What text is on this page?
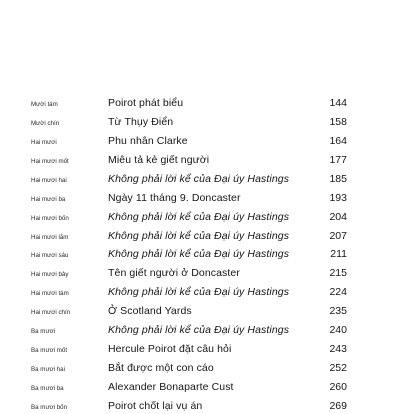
Mười tám	Poirot phát biểu	144
Mười chín	Từ Thụy Điển	158
Hai mươi	Phu nhân Clarke	164
Hai mươi mốt	Miêu tả kẻ giết người	177
Hai mươi hai	Không phải lời kể của Đại úy Hastings	185
Hai mươi ba	Ngày 11 tháng 9. Doncaster	193
Hai mươi bốn	Không phải lời kể của Đại úy Hastings	204
Hai mươi lăm	Không phải lời kể của Đại úy Hastings	207
Hai mươi sáu	Không phải lời kể của Đại úy Hastings	211
Hai mươi bảy	Tên giết người ở Doncaster	215
Hai mươi tám	Không phải lời kể của Đại úy Hastings	224
Hai mươi chín	Ở Scotland Yards	235
Ba mươi	Không phải lời kể của Đại úy Hastings	240
Ba mươi mốt	Hercule Poirot đặt câu hỏi	243
Ba mươi hai	Bắt được một con cáo	252
Ba mươi ba	Alexander Bonaparte Cust	260
Ba mươi bốn	Poirot chốt lại vụ án	269
